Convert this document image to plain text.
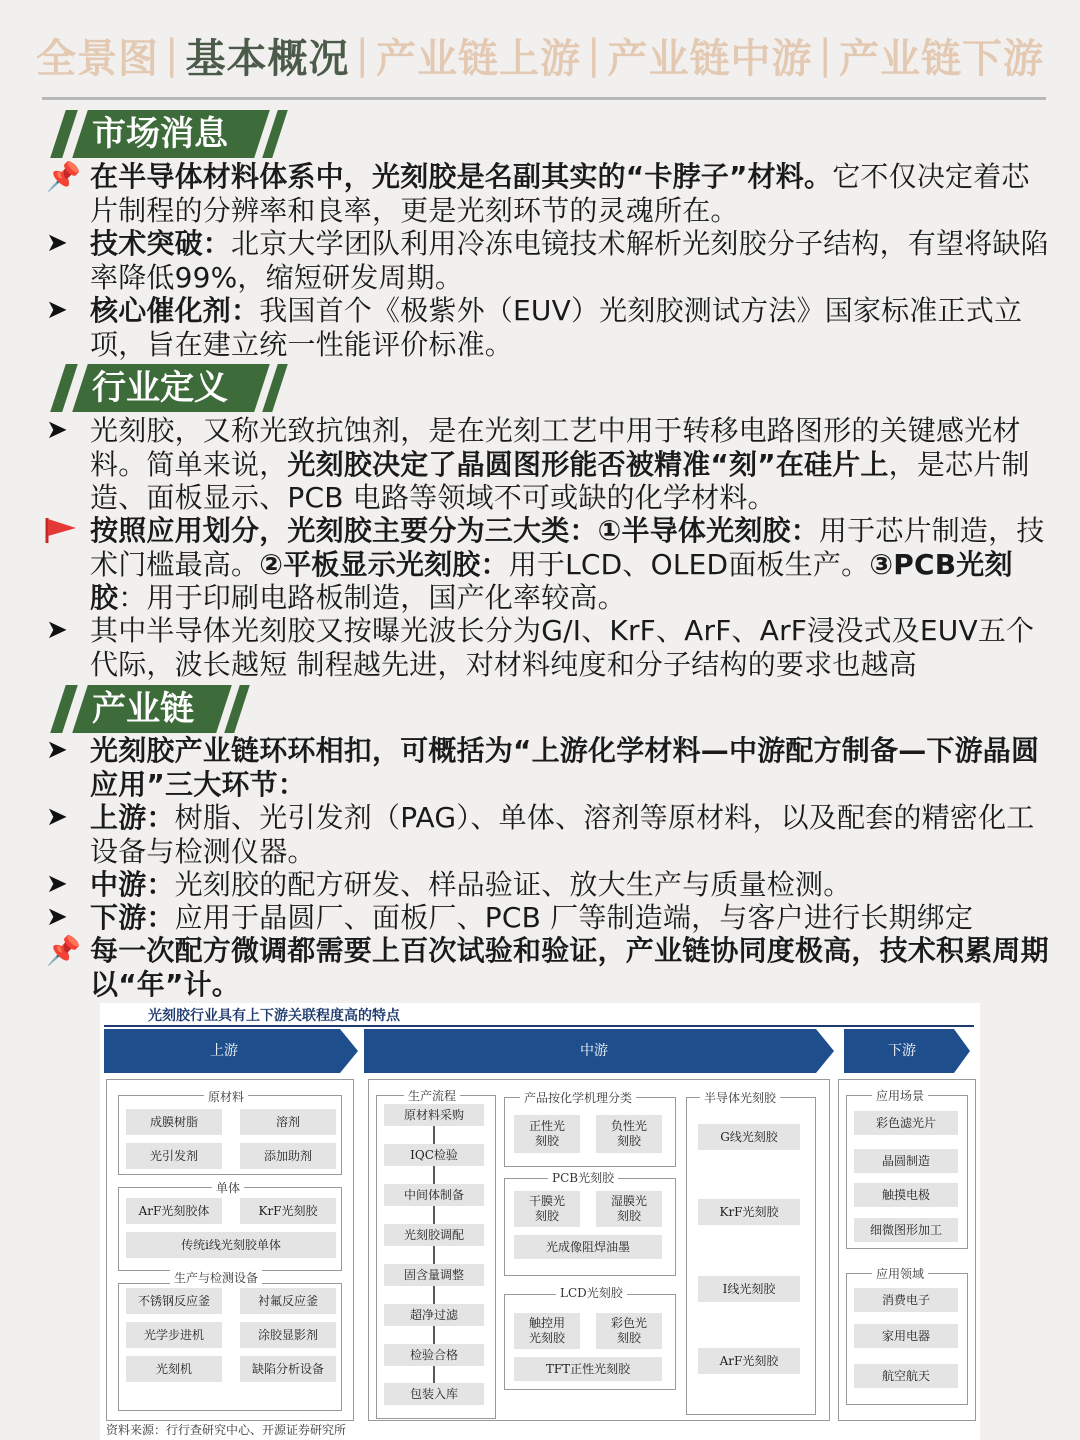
全景图 | 基本概况 | 产业链上游 | 产业链中游 | 产业链下游
市场消息
📌 在半导体材料体系中，光刻胶是名副其实的“卡脖子”材料。它不仅决定着芯片制程的分辨率和良率，更是光刻环节的灵魂所在。
➤ 技术突破：北京大学团队利用冷冻电镜技术解析光刻胶分子结构，有望将缺陷率降低99%，缩短研发周期。
➤ 核心催化剂：我国首个《极紫外（EUV）光刻胶测试方法》国家标准正式立项，旨在建立统一性能评价标准。
行业定义
➤ 光刻胶，又称光致抗蚀剂，是在光刻工艺中用于转移电路图形的关键感光材料。简单来说，光刻胶决定了晶圆图形能否被精准“刻”在硅片上，是芯片制造、面板显示、PCB 电路等领域不可或缺的化学材料。
按照应用划分，光刻胶主要分为三大类：①半导体光刻胶：用于芯片制造，技术门槛最高。②平板显示光刻胶：用于LCD、OLED面板生产。③PCB光刻胶：用于印刷电路板制造，国产化率较高。
➤ 其中半导体光刻胶又按曝光波长分为G/I、KrF、ArF、ArF浸没式及EUV五个代际，波长越短 制程越先进，对材料纯度和分子结构的要求也越高
产业链
➤ 光刻胶产业链环环相扣，可概括为“上游化学材料—中游配方制备—下游晶圆应用”三大环节：
➤ 上游：树脂、光引发剂（PAG）、单体、溶剂等原材料，以及配套的精密化工设备与检测仪器。
➤ 中游：光刻胶的配方研发、样品验证、放大生产与质量检测。
➤ 下游：应用于晶圆厂、面板厂、PCB 厂等制造端，与客户进行长期绑定
📌 每一次配方微调都需要上百次试验和验证，产业链协同度极高，技术积累周期以“年”计。
光刻胶行业具有上下游关联程度高的特点
上游	中游	下游
原材料
成膜树脂	溶剂
光引发剂	添加助剂
单体
ArF光刻胶体	KrF光刻胶
传统i线光刻胶单体
生产与检测设备
不锈钢反应釜	衬氟反应釜
光学步进机	涂胶显影剂
光刻机	缺陷分析设备
生产流程
原材料采购
IQC检验
中间体制备
光刻胶调配
固含量调整
超净过滤
检验合格
包装入库
产品按化学机理分类
正性光刻胶
负性光刻胶
PCB光刻胶
干膜光刻胶
湿膜光刻胶
光成像阻焊油墨
LCD光刻胶
触控用光刻胶
彩色光刻胶
TFT正性光刻胶
半导体光刻胶
G线光刻胶
KrF光刻胶
I线光刻胶
ArF光刻胶
应用场景
彩色滤光片
晶圆制造
触摸电极
细微图形加工
应用领域
消费电子
家用电器
航空航天
资料来源：行行查研究中心、开源证券研究所
